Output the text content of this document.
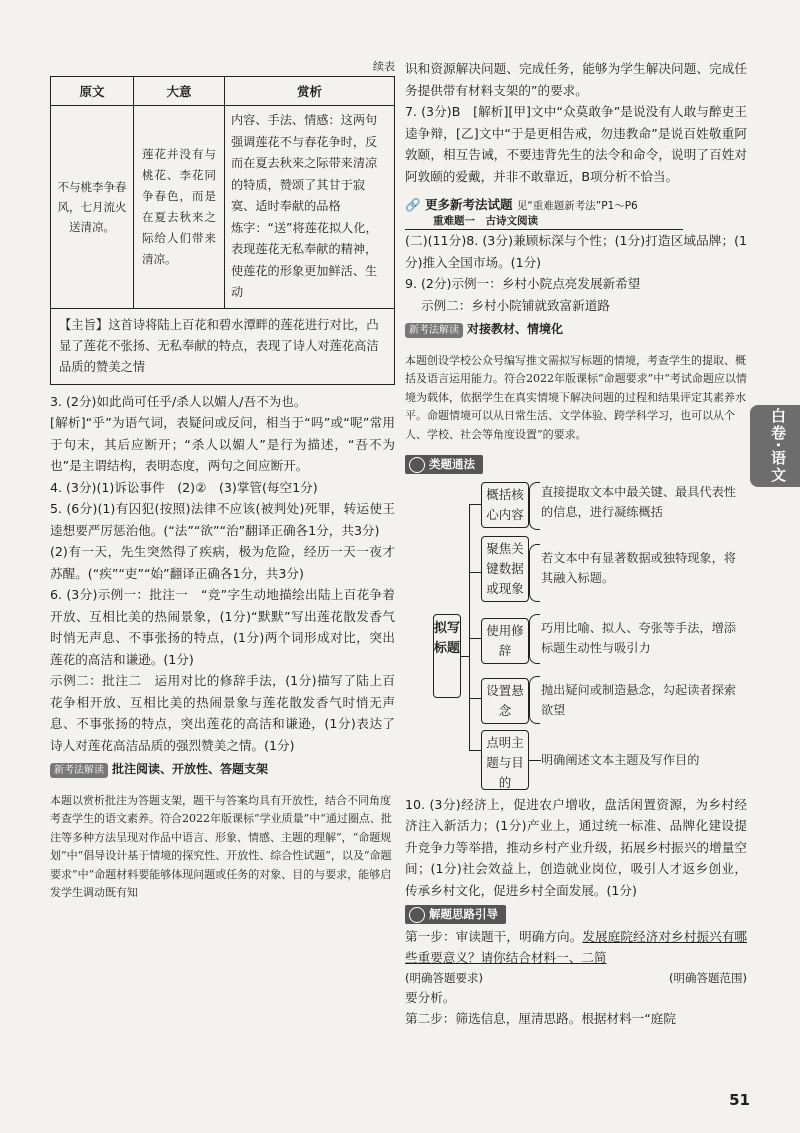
续表
原文	大意	赏析
不与桃李争春风，七月流火送清凉。	莲花并没有与桃花、李花同争春色，而是在夏去秋来之际给人们带来清凉。	内容、手法、情感：这两句强调莲花不与春花争时，反而在夏去秋来之际带来清凉的特质，赞颂了其甘于寂寞、适时奉献的品格
炼字：“送”将莲花拟人化，表现莲花无私奉献的精神，使莲花的形象更加鲜活、生动

【主旨】这首诗将陆上百花和碧水潭畔的莲花进行对比，凸显了莲花不张扬、无私奉献的特点，表现了诗人对莲花高洁品质的赞美之情		

3. (2分)如此尚可任乎/杀人以媚人/吾不为也。

[解析]“乎”为语气词，表疑问或反问，相当于“吗”或“呢”常用于句末，其后应断开；“杀人以媚人”是行为描述，“吾不为也”是主谓结构，表明态度，两句之间应断开。

4. (3分)(1)诉讼事件　(2)②　(3)掌管(每空1分)

5. (6分)(1)有囚犯(按照)法律不应该(被判处)死罪，转运使王逵想要严厉惩治他。(“法”“欲”“治”翻译正确各1分，共3分)

(2)有一天，先生突然得了疾病，极为危险，经历一天一夜才苏醒。(“疾”“吏”“始”翻译正确各1分，共3分)

6. (3分)示例一：批注一　“竞”字生动地描绘出陆上百花争着开放、互相比美的热闹景象，(1分)“默默”写出莲花散发香气时悄无声息、不事张扬的特点，(1分)两个词形成对比，突出莲花的高洁和谦逊。(1分)

示例二：批注二　运用对比的修辞手法，(1分)描写了陆上百花争相开放、互相比美的热闹景象与莲花散发香气时悄无声息、不事张扬的特点，突出莲花的高洁和谦逊，(1分)表达了诗人对莲花高洁品质的强烈赞美之情。(1分)

新考法解读 批注阅读、开放性、答题支架

本题以赏析批注为答题支架，题干与答案均具有开放性，结合不同角度考查学生的语文素养。符合2022年版课标“学业质量”中“通过圈点、批注等多种方法呈现对作品中语言、形象、情感、主题的理解”，“命题规划”中“倡导设计基于情境的探究性、开放性、综合性试题”，以及“命题要求”中“命题材料要能够体现问题或任务的对象、目的与要求，能够启发学生调动既有知

识和资源解决问题、完成任务，能够为学生解决问题、完成任务提供带有材料支架的”的要求。

7. (3分)B　[解析][甲]文中“众莫敢争”是说没有人敢与醉吏王逵争辩，[乙]文中“于是更相告戒，勿违教命”是说百姓敬重阿敦颐，相互告诫，不要违背先生的法令和命令，说明了百姓对阿敦颐的爱戴，并非不敢靠近，B项分析不恰当。

🔗 更多新考法试题 见“重难题新考法”P1～P6
重难题一　古诗文阅读

(二)(11分)8. (3分)兼顾标深与个性；(1分)打造区域品牌；(1分)推入全国市场。(1分)

9. (2分)示例一：乡村小院点亮发展新希望

示例二：乡村小院铺就致富新道路

新考法解读 对接教材、情境化

本题创设学校公众号编写推文需拟写标题的情境，考查学生的提取、概括及语言运用能力。符合2022年版课标“命题要求”中“考试命题应以情境为载体，依据学生在真实情境下解决问题的过程和结果评定其素养水平。命题情境可以从日常生活、文学体验、跨学科学习，也可以从个人、学校、社会等角度设置”的要求。

类题通法
拟写标题
概括核心内容
直接提取文本中最关键、最具代表性的信息，进行凝练概括
聚焦关键数据或现象
若文本中有显著数据或独特现象，将其融入标题。
使用修辞
巧用比喻、拟人、夸张等手法，增添标题生动性与吸引力
设置悬念
抛出疑问或制造悬念，勾起读者探索欲望
点明主题与目的
明确阐述文本主题及写作目的

10. (3分)经济上，促进农户增收，盘活闲置资源，为乡村经济注入新活力；(1分)产业上，通过统一标准、品牌化建设提升竞争力等举措，推动乡村产业升级，拓展乡村振兴的增量空间；(1分)社会效益上，创造就业岗位，吸引人才返乡创业，传承乡村文化，促进乡村全面发展。(1分)

解题思路引导

第一步：审读题干，明确方向。发展庭院经济对乡村振兴有哪些重要意义？请你结合材料一、二简

(明确答题要求)	(明确答题范围)

要分析。

第二步：筛选信息，厘清思路。根据材料一“庭院

白卷·语文
51
